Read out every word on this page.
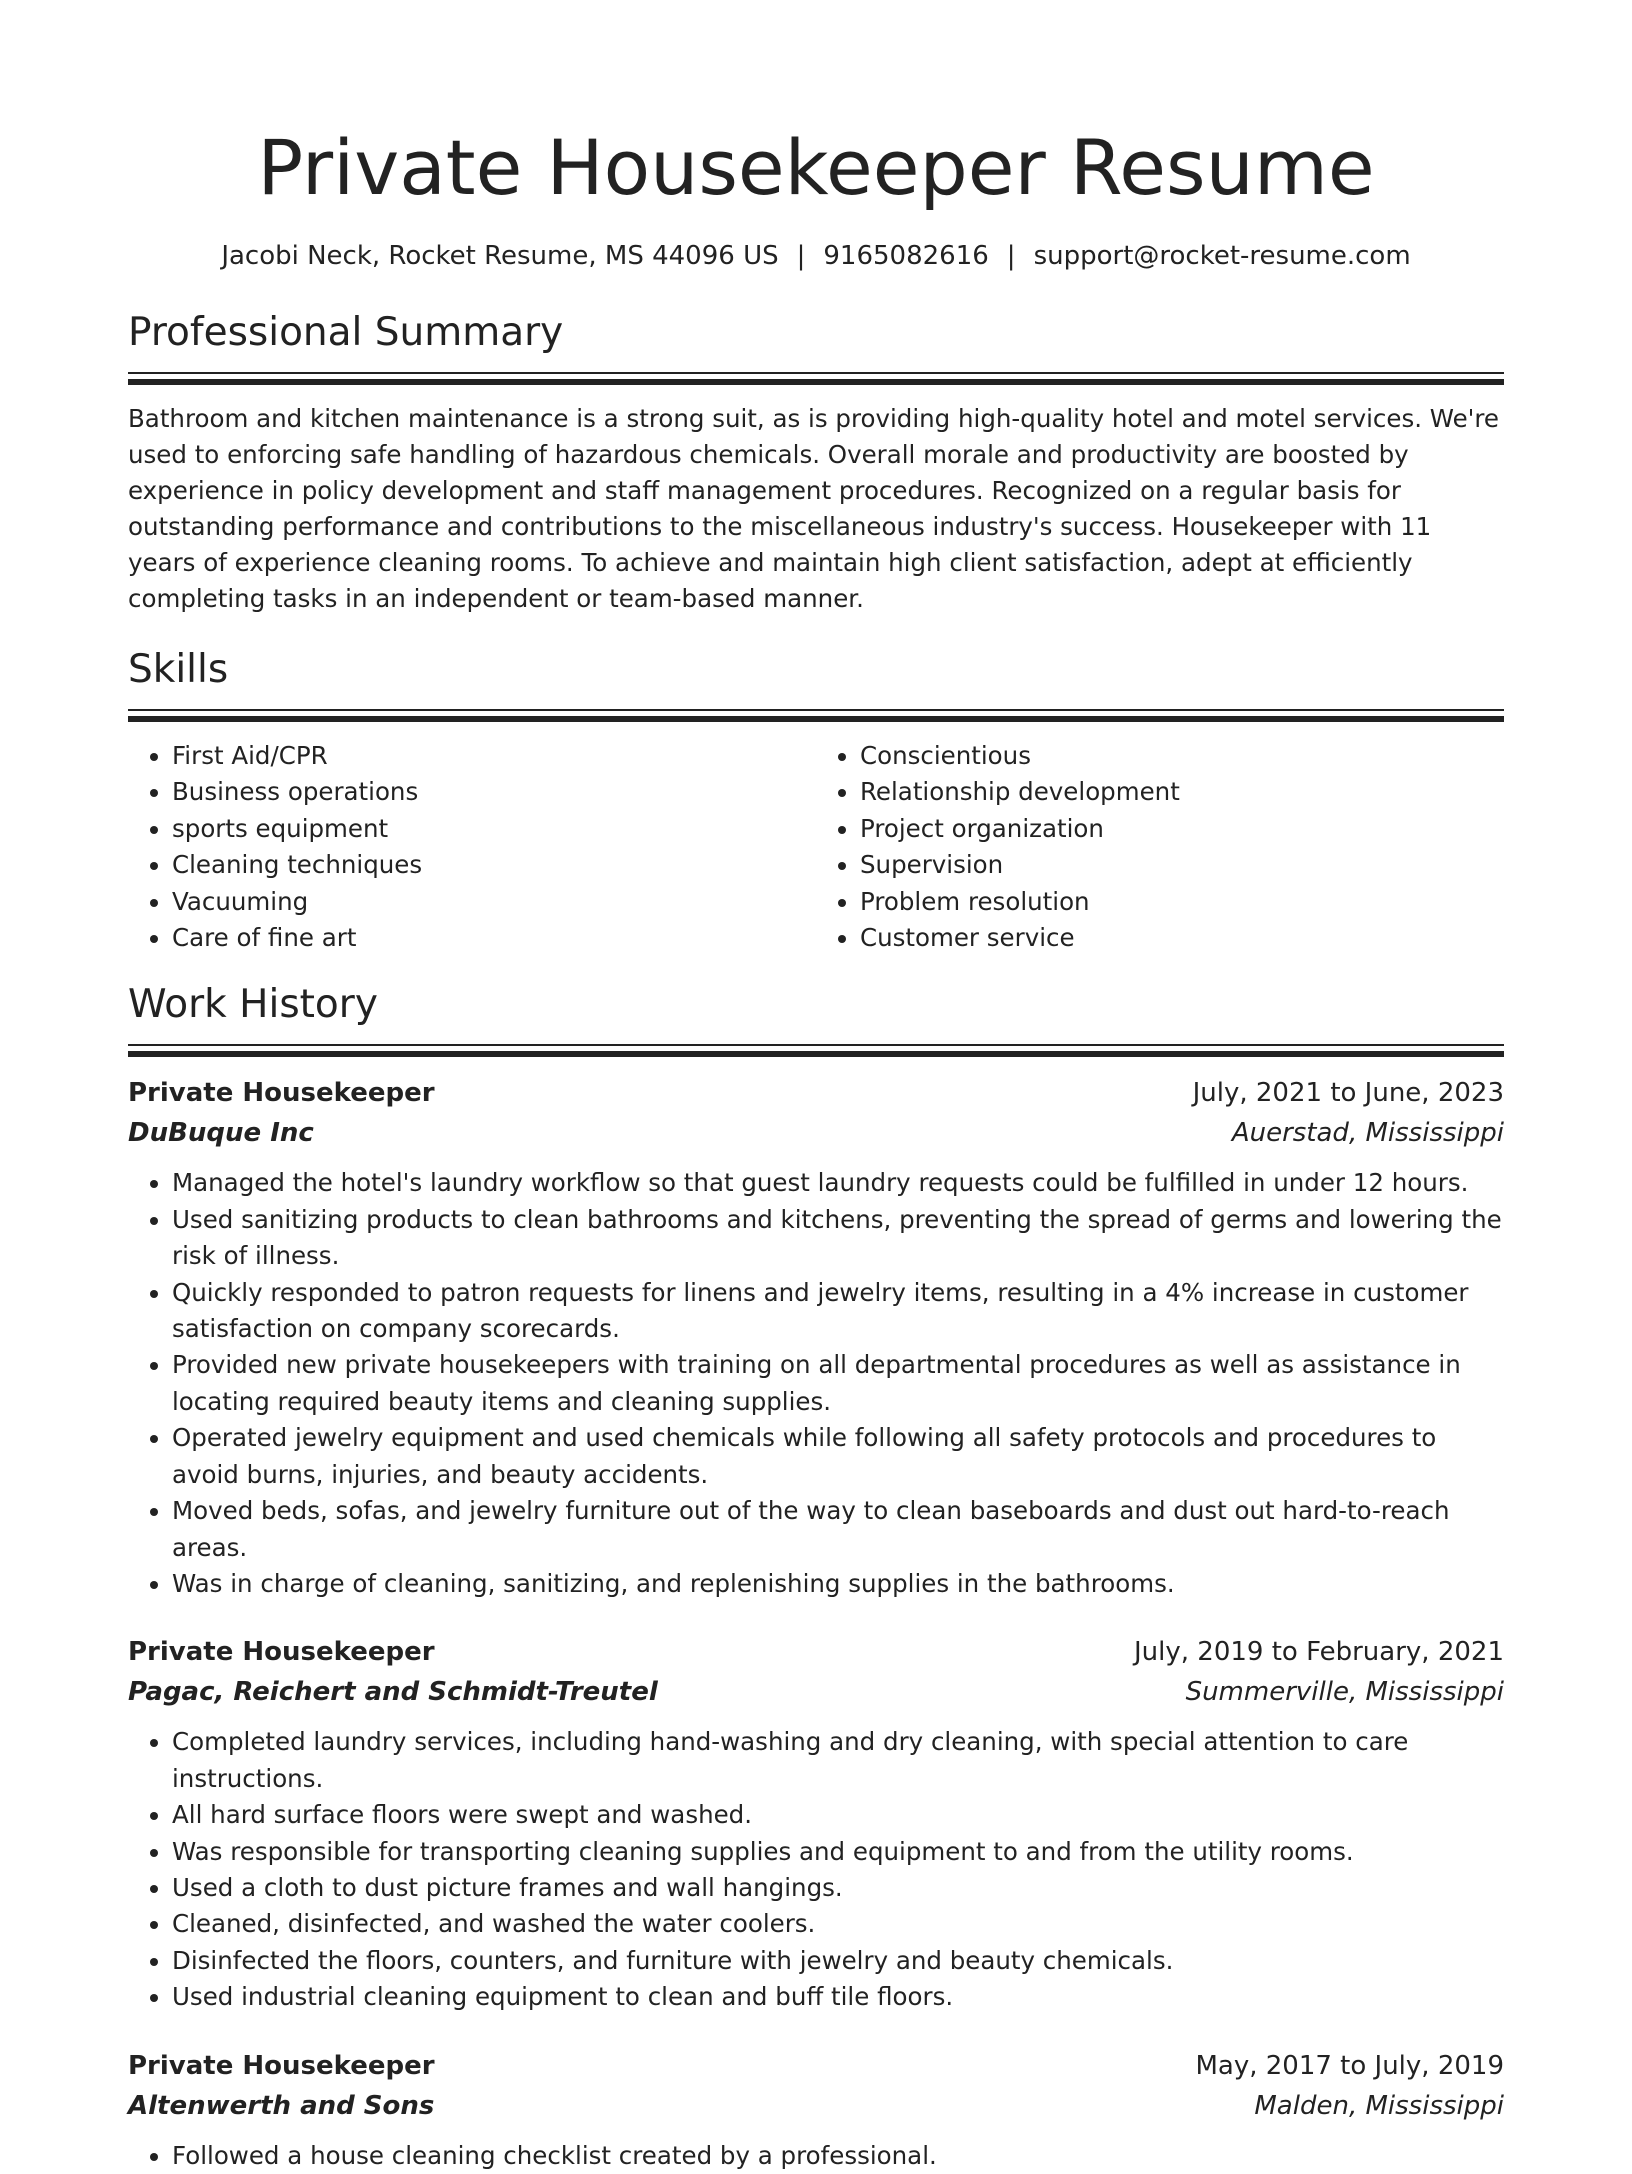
Private Housekeeper Resume
Jacobi Neck, Rocket Resume, MS 44096 US | 9165082616 | support@rocket-resume.com
Professional Summary
Bathroom and kitchen maintenance is a strong suit, as is providing high-quality hotel and motel services. We're used to enforcing safe handling of hazardous chemicals. Overall morale and productivity are boosted by experience in policy development and staff management procedures. Recognized on a regular basis for outstanding performance and contributions to the miscellaneous industry's success. Housekeeper with 11 years of experience cleaning rooms. To achieve and maintain high client satisfaction, adept at efficiently completing tasks in an independent or team-based manner.
Skills
• First Aid/CPR
• Business operations
• sports equipment
• Cleaning techniques
• Vacuuming
• Care of fine art
• Conscientious
• Relationship development
• Project organization
• Supervision
• Problem resolution
• Customer service
Work History
Private Housekeeper	July, 2021 to June, 2023
DuBuque Inc	Auerstad, Mississippi
• Managed the hotel's laundry workflow so that guest laundry requests could be fulfilled in under 12 hours.
• Used sanitizing products to clean bathrooms and kitchens, preventing the spread of germs and lowering the risk of illness.
• Quickly responded to patron requests for linens and jewelry items, resulting in a 4% increase in customer satisfaction on company scorecards.
• Provided new private housekeepers with training on all departmental procedures as well as assistance in locating required beauty items and cleaning supplies.
• Operated jewelry equipment and used chemicals while following all safety protocols and procedures to avoid burns, injuries, and beauty accidents.
• Moved beds, sofas, and jewelry furniture out of the way to clean baseboards and dust out hard-to-reach areas.
• Was in charge of cleaning, sanitizing, and replenishing supplies in the bathrooms.
Private Housekeeper	July, 2019 to February, 2021
Pagac, Reichert and Schmidt-Treutel	Summerville, Mississippi
• Completed laundry services, including hand-washing and dry cleaning, with special attention to care instructions.
• All hard surface floors were swept and washed.
• Was responsible for transporting cleaning supplies and equipment to and from the utility rooms.
• Used a cloth to dust picture frames and wall hangings.
• Cleaned, disinfected, and washed the water coolers.
• Disinfected the floors, counters, and furniture with jewelry and beauty chemicals.
• Used industrial cleaning equipment to clean and buff tile floors.
Private Housekeeper	May, 2017 to July, 2019
Altenwerth and Sons	Malden, Mississippi
• Followed a house cleaning checklist created by a professional.
